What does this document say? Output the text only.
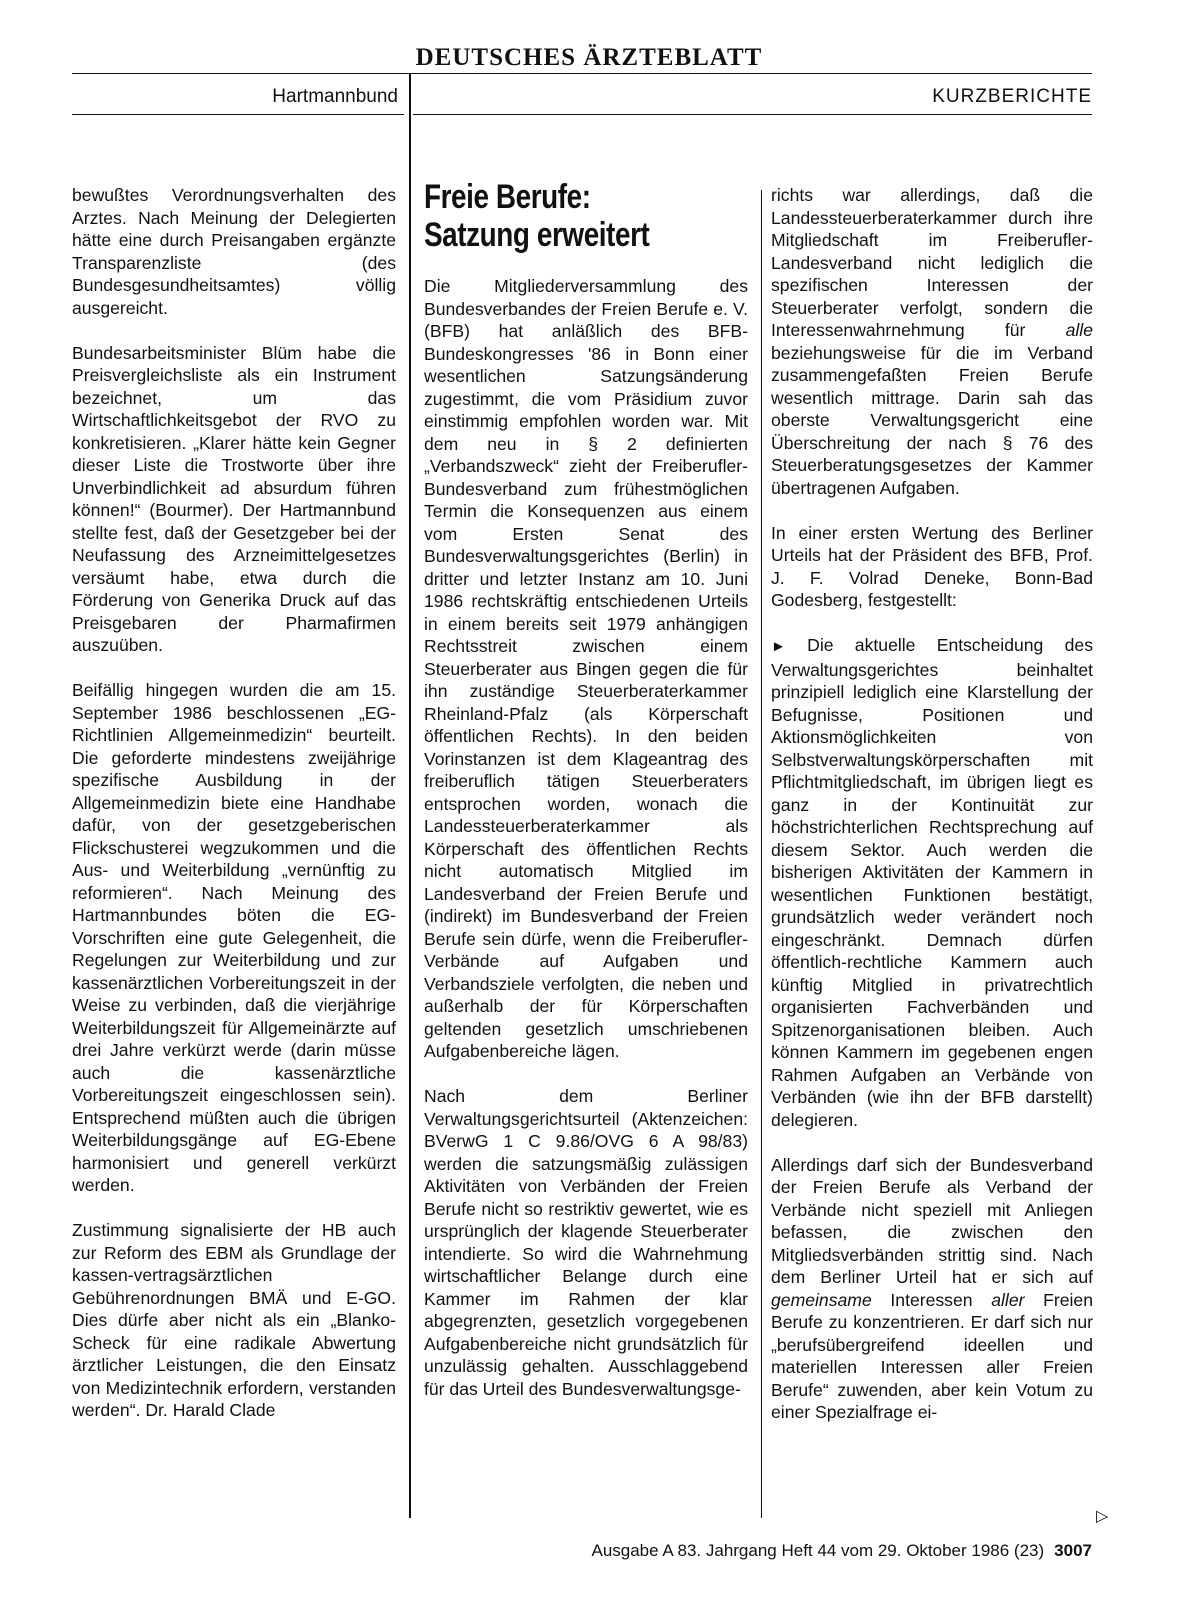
DEUTSCHES ÄRZTEBLATT
Hartmannbund	KURZBERICHTE

bewußtes Verordnungsverhalten des Arztes. Nach Meinung der Delegierten hätte eine durch Preisangaben ergänzte Transparenzliste (des Bundesgesundheitsamtes) völlig ausgereicht.

Bundesarbeitsminister Blüm habe die Preisvergleichsliste als ein Instrument bezeichnet, um das Wirtschaftlichkeitsgebot der RVO zu konkretisieren. „Klarer hätte kein Gegner dieser Liste die Trostworte über ihre Unverbindlichkeit ad absurdum führen können!“ (Bourmer). Der Hartmannbund stellte fest, daß der Gesetzgeber bei der Neufassung des Arzneimittelgesetzes versäumt habe, etwa durch die Förderung von Generika Druck auf das Preisgebaren der Pharmafirmen auszuüben.

Beifällig hingegen wurden die am 15. September 1986 beschlossenen „EG-Richtlinien Allgemeinmedizin“ beurteilt. Die geforderte mindestens zweijährige spezifische Ausbildung in der Allgemeinmedizin biete eine Handhabe dafür, von der gesetzgeberischen Flickschusterei wegzukommen und die Aus- und Weiterbildung „vernünftig zu reformieren“. Nach Meinung des Hartmannbundes böten die EG-Vorschriften eine gute Gelegenheit, die Regelungen zur Weiterbildung und zur kassenärztlichen Vorbereitungszeit in der Weise zu verbinden, daß die vierjährige Weiterbildungszeit für Allgemeinärzte auf drei Jahre verkürzt werde (darin müsse auch die kassenärztliche Vorbereitungszeit eingeschlossen sein). Entsprechend müßten auch die übrigen Weiterbildungsgänge auf EG-Ebene harmonisiert und generell verkürzt werden.

Zustimmung signalisierte der HB auch zur Reform des EBM als Grundlage der kassen-vertragsärztlichen Gebührenordnungen BMÄ und E-GO. Dies dürfe aber nicht als ein „Blanko-Scheck für eine radikale Abwertung ärztlicher Leistungen, die den Einsatz von Medizintechnik erfordern, verstanden werden“. Dr. Harald Clade

Freie Berufe:
Satzung erweitert

Die Mitgliederversammlung des Bundesverbandes der Freien Berufe e. V. (BFB) hat anläßlich des BFB-Bundeskongresses '86 in Bonn einer wesentlichen Satzungsänderung zugestimmt, die vom Präsidium zuvor einstimmig empfohlen worden war. Mit dem neu in § 2 definierten „Verbandszweck“ zieht der Freiberufler-Bundesverband zum frühestmöglichen Termin die Konsequenzen aus einem vom Ersten Senat des Bundesverwaltungsgerichtes (Berlin) in dritter und letzter Instanz am 10. Juni 1986 rechtskräftig entschiedenen Urteils in einem bereits seit 1979 anhängigen Rechtsstreit zwischen einem Steuerberater aus Bingen gegen die für ihn zuständige Steuerberaterkammer Rheinland-Pfalz (als Körperschaft öffentlichen Rechts). In den beiden Vorinstanzen ist dem Klageantrag des freiberuflich tätigen Steuerberaters entsprochen worden, wonach die Landessteuerberaterkammer als Körperschaft des öffentlichen Rechts nicht automatisch Mitglied im Landesverband der Freien Berufe und (indirekt) im Bundesverband der Freien Berufe sein dürfe, wenn die Freiberufler-Verbände auf Aufgaben und Verbandsziele verfolgten, die neben und außerhalb der für Körperschaften geltenden gesetzlich umschriebenen Aufgabenbereiche lägen.

Nach dem Berliner Verwaltungsgerichtsurteil (Aktenzeichen: BVerwG 1 C 9.86/OVG 6 A 98/83) werden die satzungsmäßig zulässigen Aktivitäten von Verbänden der Freien Berufe nicht so restriktiv gewertet, wie es ursprünglich der klagende Steuerberater intendierte. So wird die Wahrnehmung wirtschaftlicher Belange durch eine Kammer im Rahmen der klar abgegrenzten, gesetzlich vorgegebenen Aufgabenbereiche nicht grundsätzlich für unzulässig gehalten. Ausschlaggebend für das Urteil des Bundesverwaltungsge-

richts war allerdings, daß die Landessteuerberaterkammer durch ihre Mitgliedschaft im Freiberufler-Landesverband nicht lediglich die spezifischen Interessen der Steuerberater verfolgt, sondern die Interessenwahrnehmung für alle beziehungsweise für die im Verband zusammengefaßten Freien Berufe wesentlich mittrage. Darin sah das oberste Verwaltungsgericht eine Überschreitung der nach § 76 des Steuerberatungsgesetzes der Kammer übertragenen Aufgaben.

In einer ersten Wertung des Berliner Urteils hat der Präsident des BFB, Prof. J. F. Volrad Deneke, Bonn-Bad Godesberg, festgestellt:

► Die aktuelle Entscheidung des Verwaltungsgerichtes beinhaltet prinzipiell lediglich eine Klarstellung der Befugnisse, Positionen und Aktionsmöglichkeiten von Selbstverwaltungskörperschaften mit Pflichtmitgliedschaft, im übrigen liegt es ganz in der Kontinuität zur höchstrichterlichen Rechtsprechung auf diesem Sektor. Auch werden die bisherigen Aktivitäten der Kammern in wesentlichen Funktionen bestätigt, grundsätzlich weder verändert noch eingeschränkt. Demnach dürfen öffentlich-rechtliche Kammern auch künftig Mitglied in privatrechtlich organisierten Fachverbänden und Spitzenorganisationen bleiben. Auch können Kammern im gegebenen engen Rahmen Aufgaben an Verbände von Verbänden (wie ihn der BFB darstellt) delegieren.

Allerdings darf sich der Bundesverband der Freien Berufe als Verband der Verbände nicht speziell mit Anliegen befassen, die zwischen den Mitgliedsverbänden strittig sind. Nach dem Berliner Urteil hat er sich auf gemeinsame Interessen aller Freien Berufe zu konzentrieren. Er darf sich nur „berufsübergreifend ideellen und materiellen Interessen aller Freien Berufe“ zuwenden, aber kein Votum zu einer Spezialfrage ei-

▷
Ausgabe A 83. Jahrgang Heft 44 vom 29. Oktober 1986 (23) 3007
